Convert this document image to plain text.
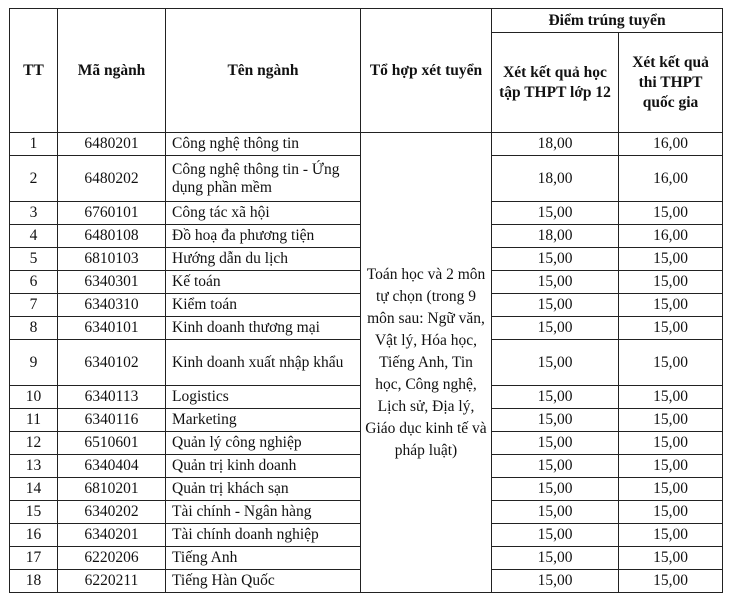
TT	Mã ngành	Tên ngành	Tổ hợp xét tuyển	Điểm trúng tuyển	
				Xét kết quả học tập THPT lớp 12	Xét kết quả thi THPT quốc gia
1	6480201	Công nghệ thông tin	Toán học và 2 môn tự chọn (trong 9 môn sau: Ngữ văn, Vật lý, Hóa học, Tiếng Anh, Tin học, Công nghệ, Lịch sử, Địa lý, Giáo dục kinh tế và pháp luật)	18,00	16,00
2	6480202	Công nghệ thông tin - Ứng dụng phần mềm		18,00	16,00
3	6760101	Công tác xã hội		15,00	15,00
4	6480108	Đồ hoạ đa phương tiện		18,00	16,00
5	6810103	Hướng dẫn du lịch		15,00	15,00
6	6340301	Kế toán		15,00	15,00
7	6340310	Kiểm toán		15,00	15,00
8	6340101	Kinh doanh thương mại		15,00	15,00
9	6340102	Kinh doanh xuất nhập khẩu		15,00	15,00
10	6340113	Logistics		15,00	15,00
11	6340116	Marketing		15,00	15,00
12	6510601	Quản lý công nghiệp		15,00	15,00
13	6340404	Quản trị kinh doanh		15,00	15,00
14	6810201	Quản trị khách sạn		15,00	15,00
15	6340202	Tài chính - Ngân hàng		15,00	15,00
16	6340201	Tài chính doanh nghiệp		15,00	15,00
17	6220206	Tiếng Anh		15,00	15,00
18	6220211	Tiếng Hàn Quốc		15,00	15,00
